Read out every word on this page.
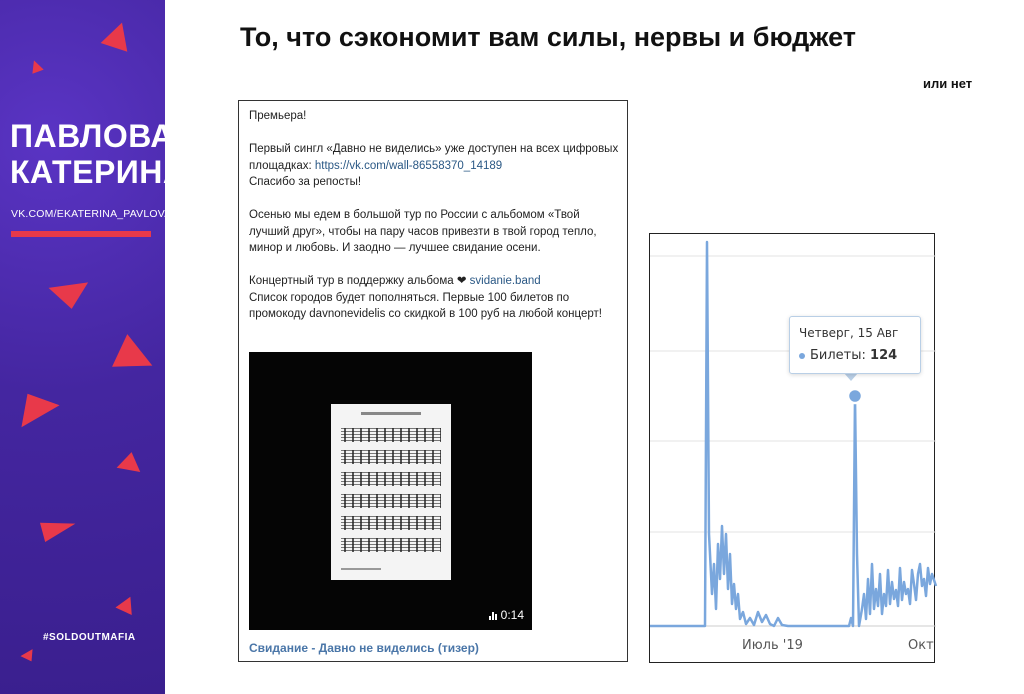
ПАВЛОВА
КАТЕРИНА
VK.COM/EKATERINA_PAVLOVA
#SOLDOUTMAFIA
То, что сэкономит вам силы, нервы и бюджет
или нет

Премьера!

Первый сингл «Давно не виделись» уже доступен на всех цифровых площадках: https://vk.com/wall-86558370_14189
Спасибо за репосты!

Осенью мы едем в большой тур по России с альбомом «Твой лучший друг», чтобы на пару часов привезти в твой город тепло, минор и любовь. И заодно — лучшее свидание осени.

Концертный тур в поддержку альбома ❤ svidanie.band
Список городов будет пополняться. Первые 100 билетов по промокоду davnonevidelis со скидкой в 100 руб на любой концерт!

0:14
Свидание - Давно не виделись (тизер)
Четверг, 15 Авг
Билеты: 124
Июль '19	Окт
